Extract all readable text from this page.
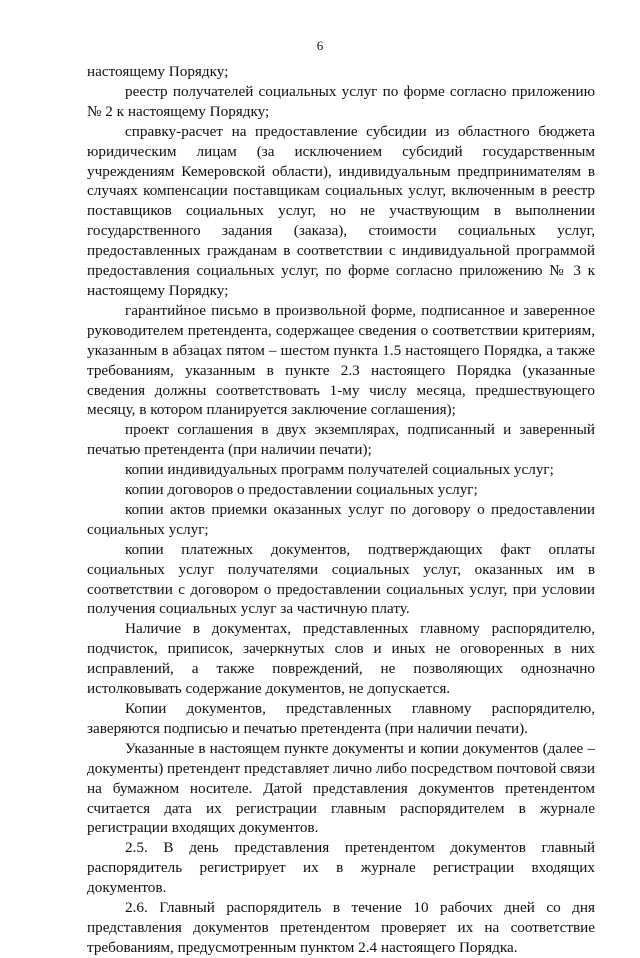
6

настоящему Порядку;

реестр получателей социальных услуг по форме согласно приложению № 2 к настоящему Порядку;

справку-расчет на предоставление субсидии из областного бюджета юридическим лицам (за исключением субсидий государственным учреждениям Кемеровской области), индивидуальным предпринимателям в случаях компенсации поставщикам социальных услуг, включенным в реестр поставщиков социальных услуг, но не участвующим в выполнении государственного задания (заказа), стоимости социальных услуг, предоставленных гражданам в соответствии с индивидуальной программой предоставления социальных услуг, по форме согласно приложению № 3 к настоящему Порядку;

гарантийное письмо в произвольной форме, подписанное и заверенное руководителем претендента, содержащее сведения о соответствии критериям, указанным в абзацах пятом – шестом пункта 1.5 настоящего Порядка, а также требованиям, указанным в пункте 2.3 настоящего Порядка (указанные сведения должны соответствовать 1-му числу месяца, предшествующего месяцу, в котором планируется заключение соглашения);

проект соглашения в двух экземплярах, подписанный и заверенный печатью претендента (при наличии печати);

копии индивидуальных программ получателей социальных услуг;

копии договоров о предоставлении социальных услуг;

копии актов приемки оказанных услуг по договору о предоставлении социальных услуг;

копии платежных документов, подтверждающих факт оплаты социальных услуг получателями социальных услуг, оказанных им в соответствии с договором о предоставлении социальных услуг, при условии получения социальных услуг за частичную плату.

Наличие в документах, представленных главному распорядителю, подчисток, приписок, зачеркнутых слов и иных не оговоренных в них исправлений, а также повреждений, не позволяющих однозначно истолковывать содержание документов, не допускается.

Копии документов, представленных главному распорядителю, заверяются подписью и печатью претендента (при наличии печати).

Указанные в настоящем пункте документы и копии документов (далее – документы) претендент представляет лично либо посредством почтовой связи на бумажном носителе. Датой представления документов претендентом считается дата их регистрации главным распорядителем в журнале регистрации входящих документов.

2.5. В день представления претендентом документов главный распорядитель регистрирует их в журнале регистрации входящих документов.

2.6. Главный распорядитель в течение 10 рабочих дней со дня представления документов претендентом проверяет их на соответствие требованиям, предусмотренным пунктом 2.4 настоящего Порядка.
